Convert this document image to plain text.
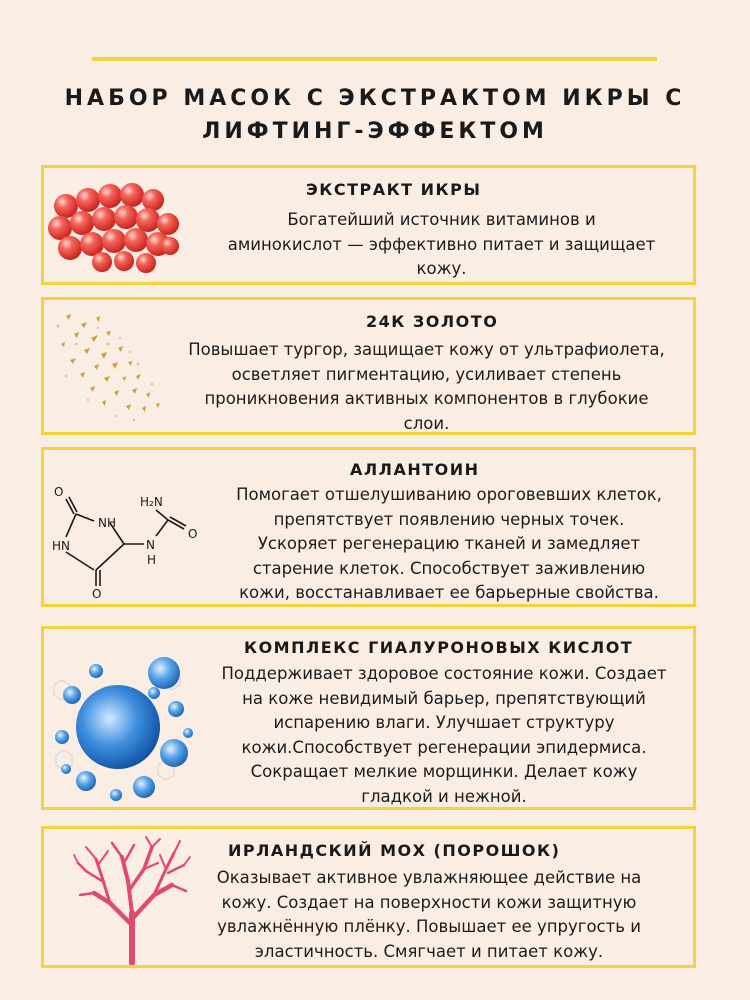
НАБОР МАСОК С ЭКСТРАКТОМ ИКРЫ С
ЛИФТИНГ-ЭФФЕКТОМ
ЭКСТРАКТ ИКРЫ
Богатейший источник витаминов и
аминокислот — эффективно питает и защищает
кожу.
24К ЗОЛОТО
Повышает тургор, защищает кожу от ультрафиолета,
осветляет пигментацию, усиливает степень
проникновения активных компонентов в глубокие
слои.
O
NH
HN
O
H₂N
N
H
O
АЛЛАНТОИН
Помогает отшелушиванию ороговевших клеток,
препятствует появлению черных точек.
Ускоряет регенерацию тканей и замедляет
старение клеток. Способствует заживлению
кожи, восстанавливает ее барьерные свойства.
КОМПЛЕКС ГИАЛУРОНОВЫХ КИСЛОТ
Поддерживает здоровое состояние кожи. Создает
на коже невидимый барьер, препятствующий
испарению влаги. Улучшает структуру
кожи.Способствует регенерации эпидермиса.
Сокращает мелкие морщинки. Делает кожу
гладкой и нежной.
ИРЛАНДСКИЙ МОХ (ПОРОШОК)
Оказывает активное увлажняющее действие на
кожу. Создает на поверхности кожи защитную
увлажнённую плёнку. Повышает ее упругость и
эластичность. Смягчает и питает кожу.
